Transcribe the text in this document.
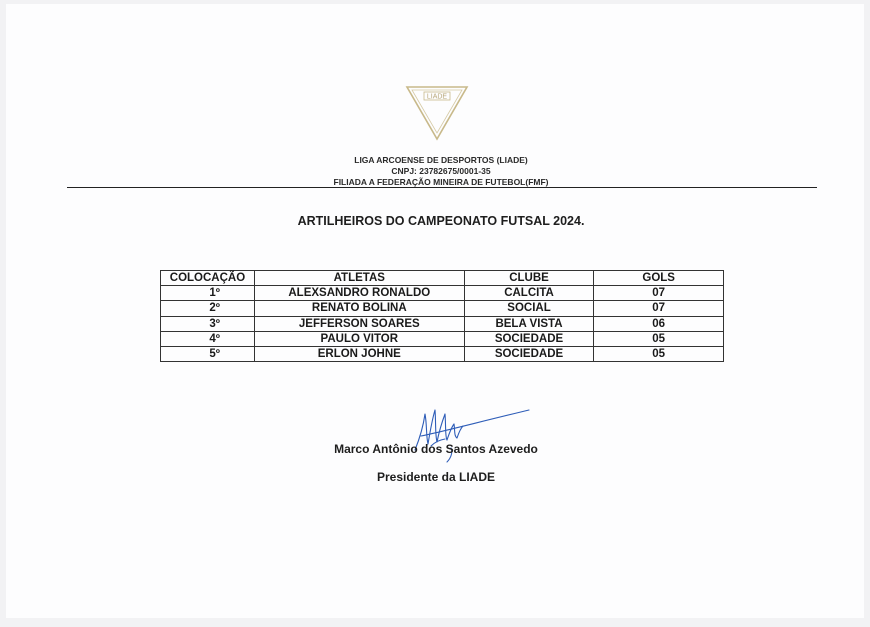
LIADE
LIGA ARCOENSE DE DESPORTOS (LIADE)
CNPJ: 23782675/0001-35
FILIADA A FEDERAÇÃO MINEIRA DE FUTEBOL(FMF)
ARTILHEIROS DO CAMPEONATO FUTSAL 2024.
COLOCAÇÃO	ATLETAS	CLUBE	GOLS
1º	ALEXSANDRO RONALDO	CALCITA	07
2º	RENATO BOLINA	SOCIAL	07
3º	JEFFERSON SOARES	BELA VISTA	06
4º	PAULO VITOR	SOCIEDADE	05
5º	ERLON JOHNE	SOCIEDADE	05
Marco Antônio dos Santos Azevedo
Presidente da LIADE
